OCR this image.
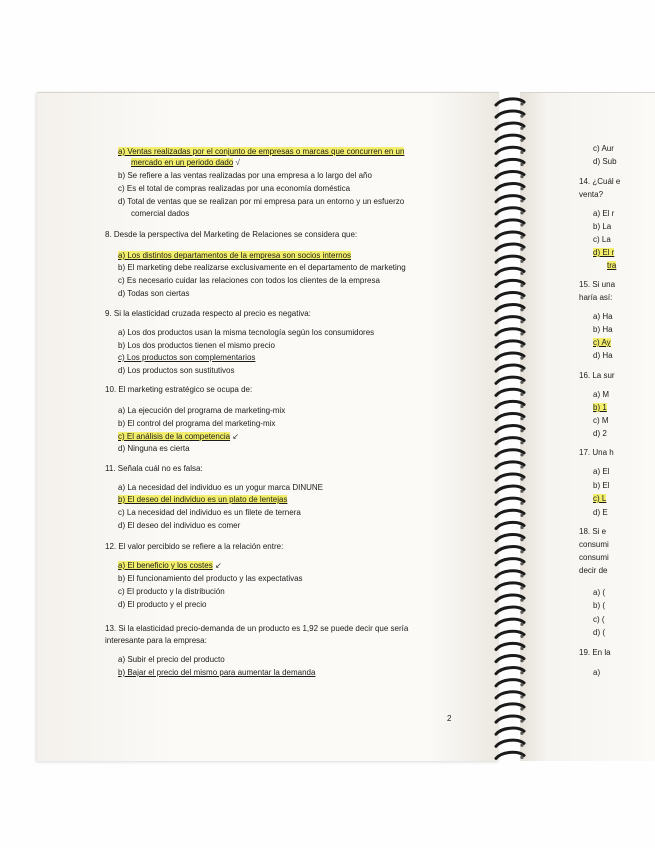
a) Ventas realizadas por el conjunto de empresas o marcas que concurren en un
mercado en un periodo dado √
b) Se refiere a las ventas realizadas por una empresa a lo largo del año
c) Es el total de compras realizadas por una economía doméstica
d) Total de ventas que se realizan por mi empresa para un entorno y un esfuerzo
comercial dados
8. Desde la perspectiva del Marketing de Relaciones se considera que:
a) Los distintos departamentos de la empresa son socios internos
b) El marketing debe realizarse exclusivamente en el departamento de marketing
c) Es necesario cuidar las relaciones con todos los clientes de la empresa
d) Todas son ciertas
9. Si la elasticidad cruzada respecto al precio es negativa:
a) Los dos productos usan la misma tecnología según los consumidores
b) Los dos productos tienen el mismo precio
c) Los productos son complementarios
d) Los productos son sustitutivos
10. El marketing estratégico se ocupa de:
a) La ejecución del programa de marketing-mix
b) El control del programa del marketing-mix
c) El análisis de la competencia ↙
d) Ninguna es cierta
11. Señala cuál no es falsa:
a) La necesidad del individuo es un yogur marca DINUNE
b) El deseo del individuo es un plato de lentejas
c) La necesidad del individuo es un filete de ternera
d) El deseo del individuo es comer
12. El valor percibido se refiere a la relación entre:
a) El beneficio y los costes ↙
b) El funcionamiento del producto y las expectativas
c) El producto y la distribución
d) El producto y el precio
13. Si la elasticidad precio-demanda de un producto es 1,92 se puede decir que sería
interesante para la empresa:
a) Subir el precio del producto
b) Bajar el precio del mismo para aumentar la demanda
2
c) Aur
d) Sub
14. ¿Cuál e
venta?
a) El r
b) La
c) La
d) El r
tra
15. Si una
haría así:
a) Ha
b) Ha
c) Ay
d) Ha
16. La sur
a) M
b) 1
c) M
d) 2
17. Una h
a) El
b) El
c) L
d) E
18. Si e
consumi
consumi
decir de
a) (
b) (
c) (
d) (
19. En la
a)
